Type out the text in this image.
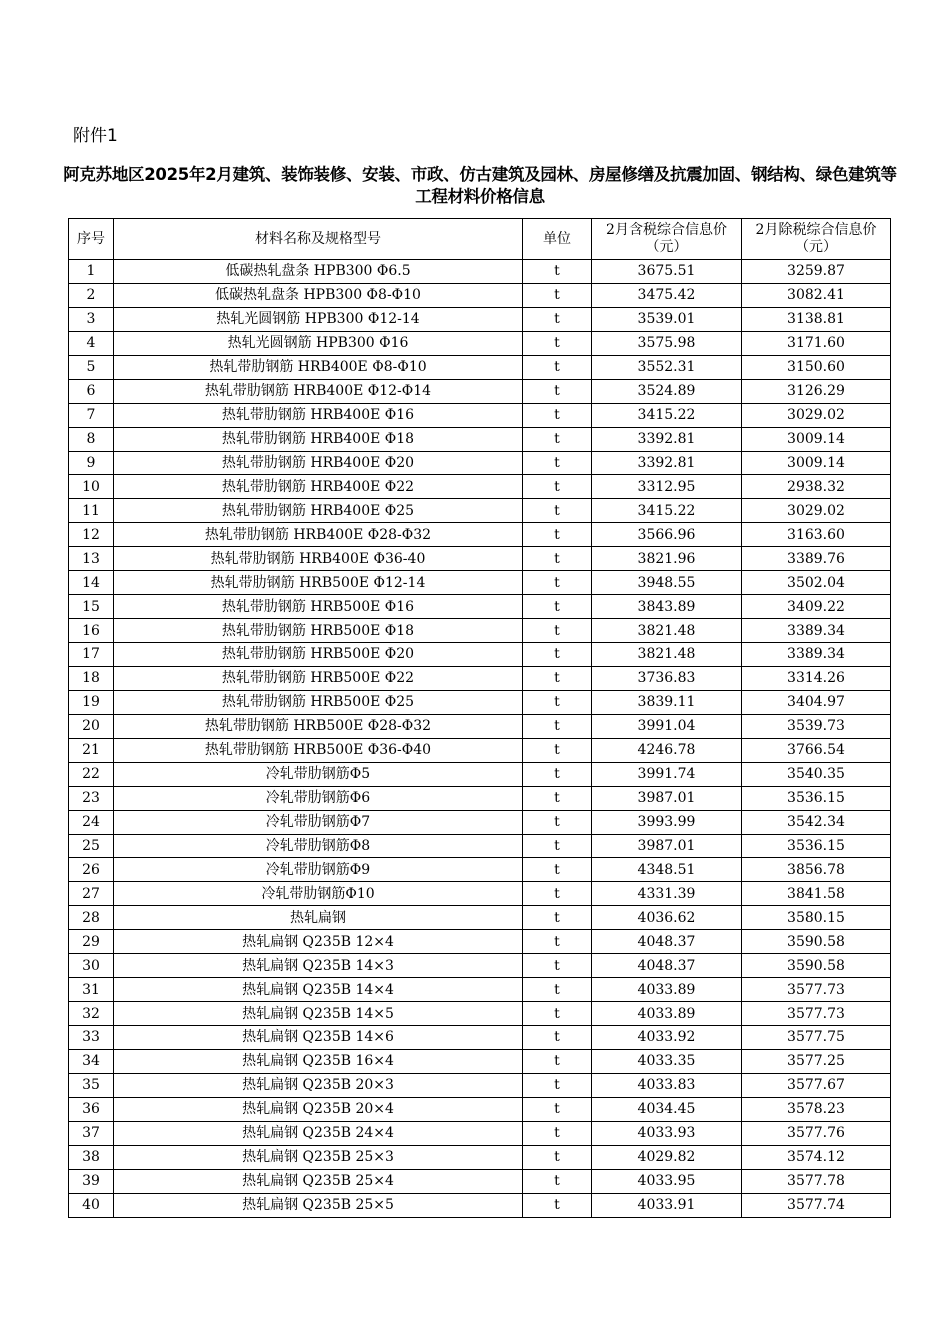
附件1
阿克苏地区2025年2月建筑、装饰装修、安装、市政、仿古建筑及园林、房屋修缮及抗震加固、钢结构、绿色建筑等工程材料价格信息
序号	材料名称及规格型号	单位	2月含税综合信息价（元）	2月除税综合信息价（元）
1	低碳热轧盘条 HPB300 Φ6.5	t	3675.51	3259.87
2	低碳热轧盘条 HPB300 Φ8-Φ10	t	3475.42	3082.41
3	热轧光圆钢筋 HPB300 Φ12-14	t	3539.01	3138.81
4	热轧光圆钢筋 HPB300 Φ16	t	3575.98	3171.60
5	热轧带肋钢筋 HRB400E Φ8-Φ10	t	3552.31	3150.60
6	热轧带肋钢筋 HRB400E Φ12-Φ14	t	3524.89	3126.29
7	热轧带肋钢筋 HRB400E Φ16	t	3415.22	3029.02
8	热轧带肋钢筋 HRB400E Φ18	t	3392.81	3009.14
9	热轧带肋钢筋 HRB400E Φ20	t	3392.81	3009.14
10	热轧带肋钢筋 HRB400E Φ22	t	3312.95	2938.32
11	热轧带肋钢筋 HRB400E Φ25	t	3415.22	3029.02
12	热轧带肋钢筋 HRB400E Φ28-Φ32	t	3566.96	3163.60
13	热轧带肋钢筋 HRB400E Φ36-40	t	3821.96	3389.76
14	热轧带肋钢筋 HRB500E Φ12-14	t	3948.55	3502.04
15	热轧带肋钢筋 HRB500E Φ16	t	3843.89	3409.22
16	热轧带肋钢筋 HRB500E Φ18	t	3821.48	3389.34
17	热轧带肋钢筋 HRB500E Φ20	t	3821.48	3389.34
18	热轧带肋钢筋 HRB500E Φ22	t	3736.83	3314.26
19	热轧带肋钢筋 HRB500E Φ25	t	3839.11	3404.97
20	热轧带肋钢筋 HRB500E Φ28-Φ32	t	3991.04	3539.73
21	热轧带肋钢筋 HRB500E Φ36-Φ40	t	4246.78	3766.54
22	冷轧带肋钢筋Φ5	t	3991.74	3540.35
23	冷轧带肋钢筋Φ6	t	3987.01	3536.15
24	冷轧带肋钢筋Φ7	t	3993.99	3542.34
25	冷轧带肋钢筋Φ8	t	3987.01	3536.15
26	冷轧带肋钢筋Φ9	t	4348.51	3856.78
27	冷轧带肋钢筋Φ10	t	4331.39	3841.58
28	热轧扁钢	t	4036.62	3580.15
29	热轧扁钢 Q235B 12×4	t	4048.37	3590.58
30	热轧扁钢 Q235B 14×3	t	4048.37	3590.58
31	热轧扁钢 Q235B 14×4	t	4033.89	3577.73
32	热轧扁钢 Q235B 14×5	t	4033.89	3577.73
33	热轧扁钢 Q235B 14×6	t	4033.92	3577.75
34	热轧扁钢 Q235B 16×4	t	4033.35	3577.25
35	热轧扁钢 Q235B 20×3	t	4033.83	3577.67
36	热轧扁钢 Q235B 20×4	t	4034.45	3578.23
37	热轧扁钢 Q235B 24×4	t	4033.93	3577.76
38	热轧扁钢 Q235B 25×3	t	4029.82	3574.12
39	热轧扁钢 Q235B 25×4	t	4033.95	3577.78
40	热轧扁钢 Q235B 25×5	t	4033.91	3577.74
